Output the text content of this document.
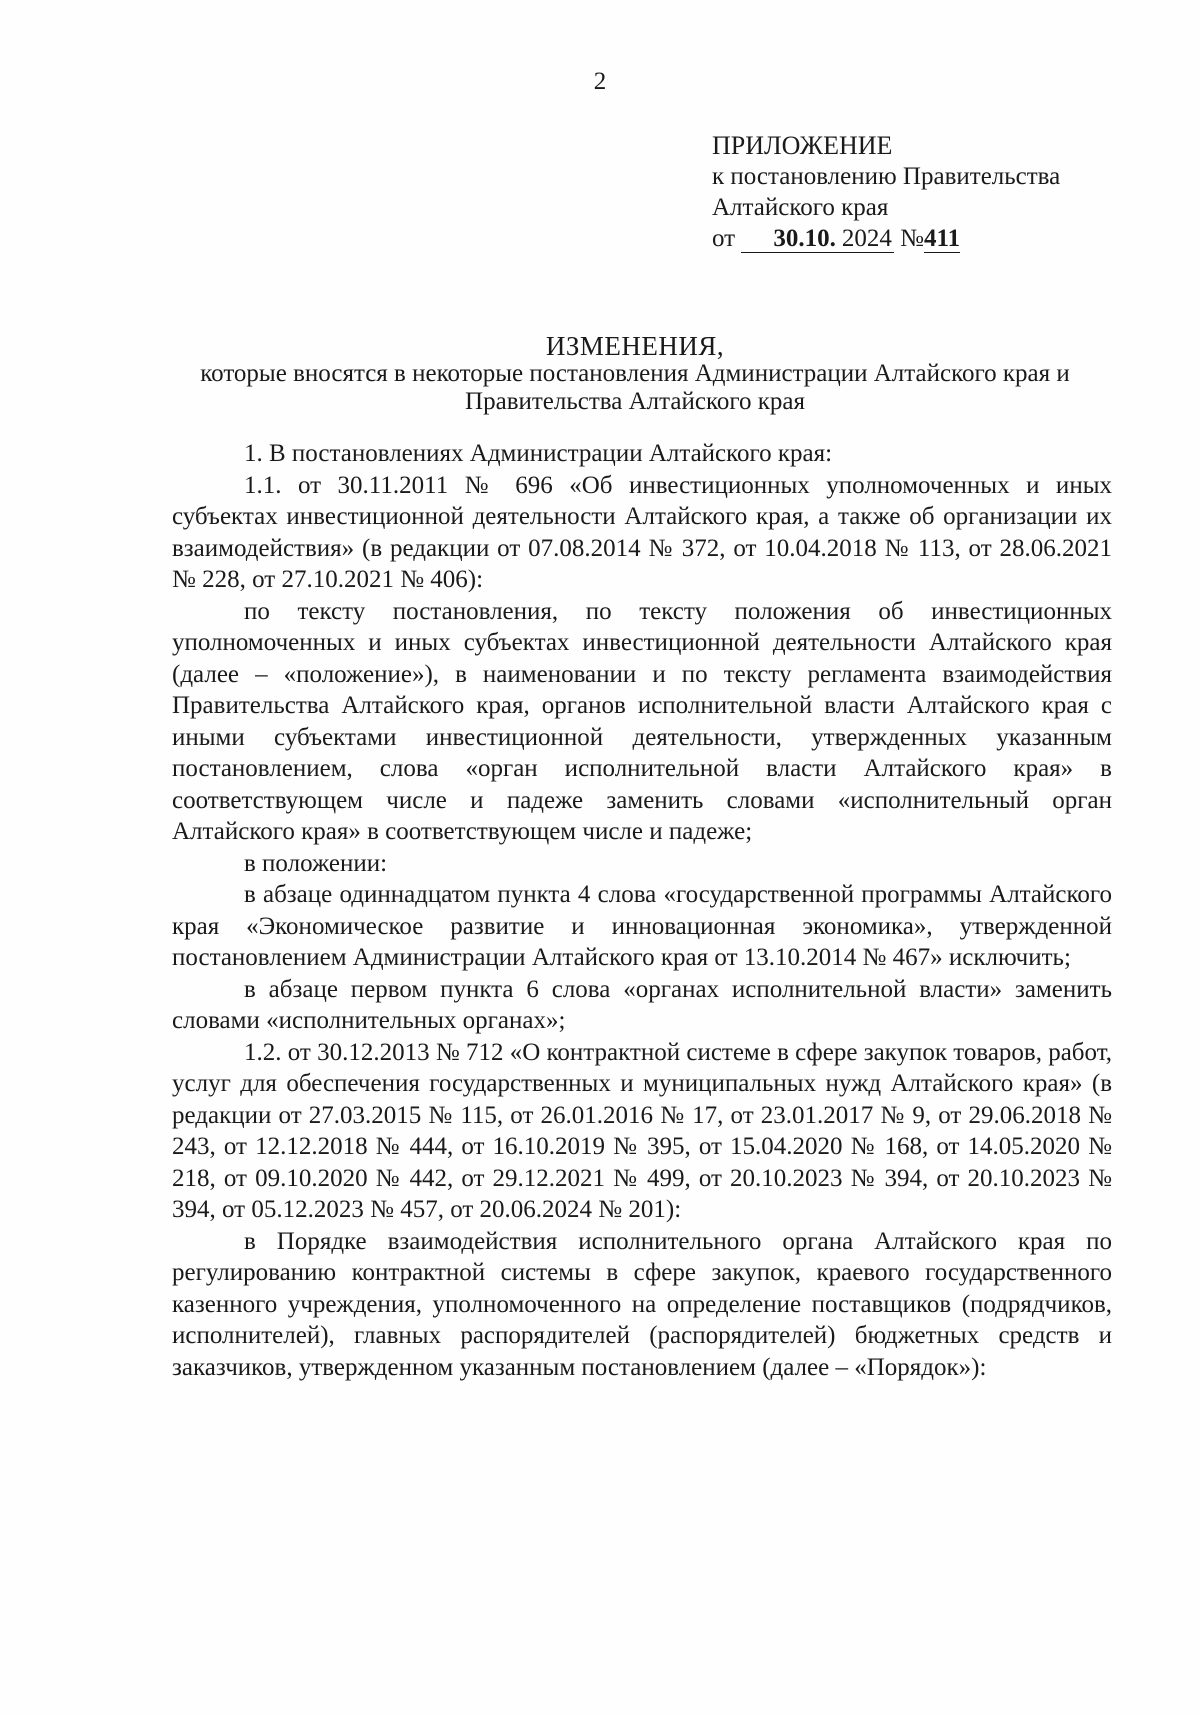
2
ПРИЛОЖЕНИЕ
к постановлению Правительства
Алтайского края
от 30.10. 2024 №411
ИЗМЕНЕНИЯ,
которые вносятся в некоторые постановления Администрации Алтайского края и Правительства Алтайского края

1. В постановлениях Администрации Алтайского края:

1.1. от 30.11.2011 № 696 «Об инвестиционных уполномоченных и иных субъектах инвестиционной деятельности Алтайского края, а также об организации их взаимодействия» (в редакции от 07.08.2014 № 372, от 10.04.2018 № 113, от 28.06.2021 № 228, от 27.10.2021 № 406):

по тексту постановления, по тексту положения об инвестиционных уполномоченных и иных субъектах инвестиционной деятельности Алтайского края (далее – «положение»), в наименовании и по тексту регламента взаимодействия Правительства Алтайского края, органов исполнительной власти Алтайского края с иными субъектами инвестиционной деятельности, утвержденных указанным постановлением, слова «орган исполнительной власти Алтайского края» в соответствующем числе и падеже заменить словами «исполнительный орган Алтайского края» в соответствующем числе и падеже;

в положении:

в абзаце одиннадцатом пункта 4 слова «государственной программы Алтайского края «Экономическое развитие и инновационная экономика», утвержденной постановлением Администрации Алтайского края от 13.10.2014 № 467» исключить;

в абзаце первом пункта 6 слова «органах исполнительной власти» заменить словами «исполнительных органах»;

1.2. от 30.12.2013 № 712 «О контрактной системе в сфере закупок товаров, работ, услуг для обеспечения государственных и муниципальных нужд Алтайского края» (в редакции от 27.03.2015 № 115, от 26.01.2016 № 17, от 23.01.2017 № 9, от 29.06.2018 № 243, от 12.12.2018 № 444, от 16.10.2019 № 395, от 15.04.2020 № 168, от 14.05.2020 № 218, от 09.10.2020 № 442, от 29.12.2021 № 499, от 20.10.2023 № 394, от 20.10.2023 № 394, от 05.12.2023 № 457, от 20.06.2024 № 201):

в Порядке взаимодействия исполнительного органа Алтайского края по регулированию контрактной системы в сфере закупок, краевого государственного казенного учреждения, уполномоченного на определение поставщиков (подрядчиков, исполнителей), главных распорядителей (распорядителей) бюджетных средств и заказчиков, утвержденном указанным постановлением (далее – «Порядок»):
